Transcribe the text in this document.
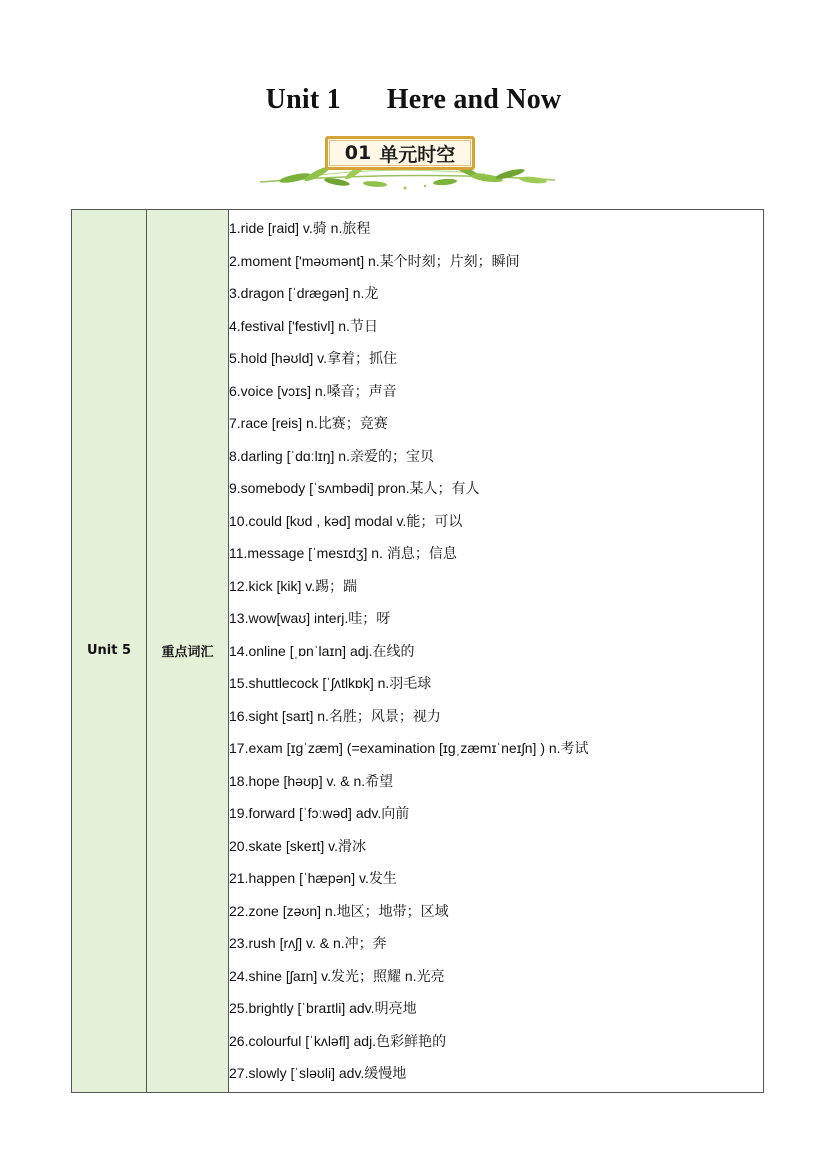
Unit 1 Here and Now
01 单元时空
Unit 5	重点词汇	
1.ride [raid] v.骑 n.旅程
2.moment ['məʊmənt] n.某个时刻；片刻；瞬间
3.dragon [ˈdræɡən] n.龙
4.festival ['festivl] n.节日
5.hold [həʊld] v.拿着；抓住
6.voice [vɔɪs] n.嗓音；声音
7.race [reis] n.比赛；竞赛
8.darling [ˈdɑːlɪŋ] n.亲爱的；宝贝
9.somebody [ˈsʌmbədi] pron.某人；有人
10.could [kʊd , kəd] modal v.能；可以
11.message [ˈmesɪdʒ] n. 消息；信息
12.kick [kik] v.踢；踹
13.wow[waʊ] interj.哇；呀
14.online [ˌɒnˈlaɪn] adj.在线的
15.shuttlecock [ˈʃʌtlkɒk] n.羽毛球
16.sight [saɪt] n.名胜；风景；视力
17.exam [ɪɡˈzæm] (=examination [ɪɡˌzæmɪˈneɪʃn] ) n.考试
18.hope [həʊp] v. & n.希望
19.forward [ˈfɔːwəd] adv.向前
20.skate [skeɪt] v.滑冰
21.happen [ˈhæpən] v.发生
22.zone [zəʊn] n.地区；地带；区域
23.rush [rʌʃ] v. & n.冲；奔
24.shine [ʃaɪn] v.发光；照耀 n.光亮
25.brightly [ˈbraɪtli] adv.明亮地
26.colourful [ˈkʌləfl] adj.色彩鲜艳的
27.slowly [ˈsləʊli] adv.缓慢地
